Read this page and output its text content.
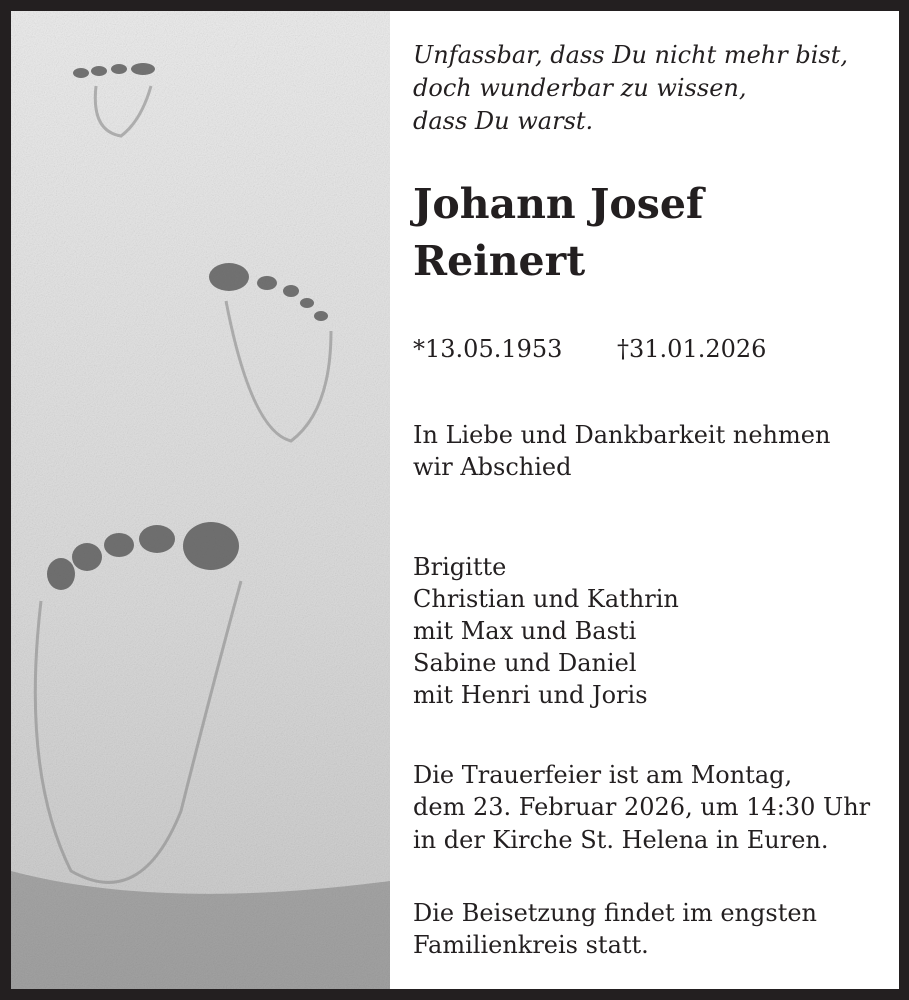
Unfassbar, dass Du nicht mehr bist,
doch wunderbar zu wissen,
dass Du warst.
Johann Josef
Reinert
*13.05.1953 †31.01.2026
In Liebe und Dankbarkeit nehmen
wir Abschied
Brigitte
Christian und Kathrin
mit Max und Basti
Sabine und Daniel
mit Henri und Joris
Die Trauerfeier ist am Montag,
dem 23. Februar 2026, um 14:30 Uhr
in der Kirche St. Helena in Euren.
Die Beisetzung findet im engsten
Familienkreis statt.
